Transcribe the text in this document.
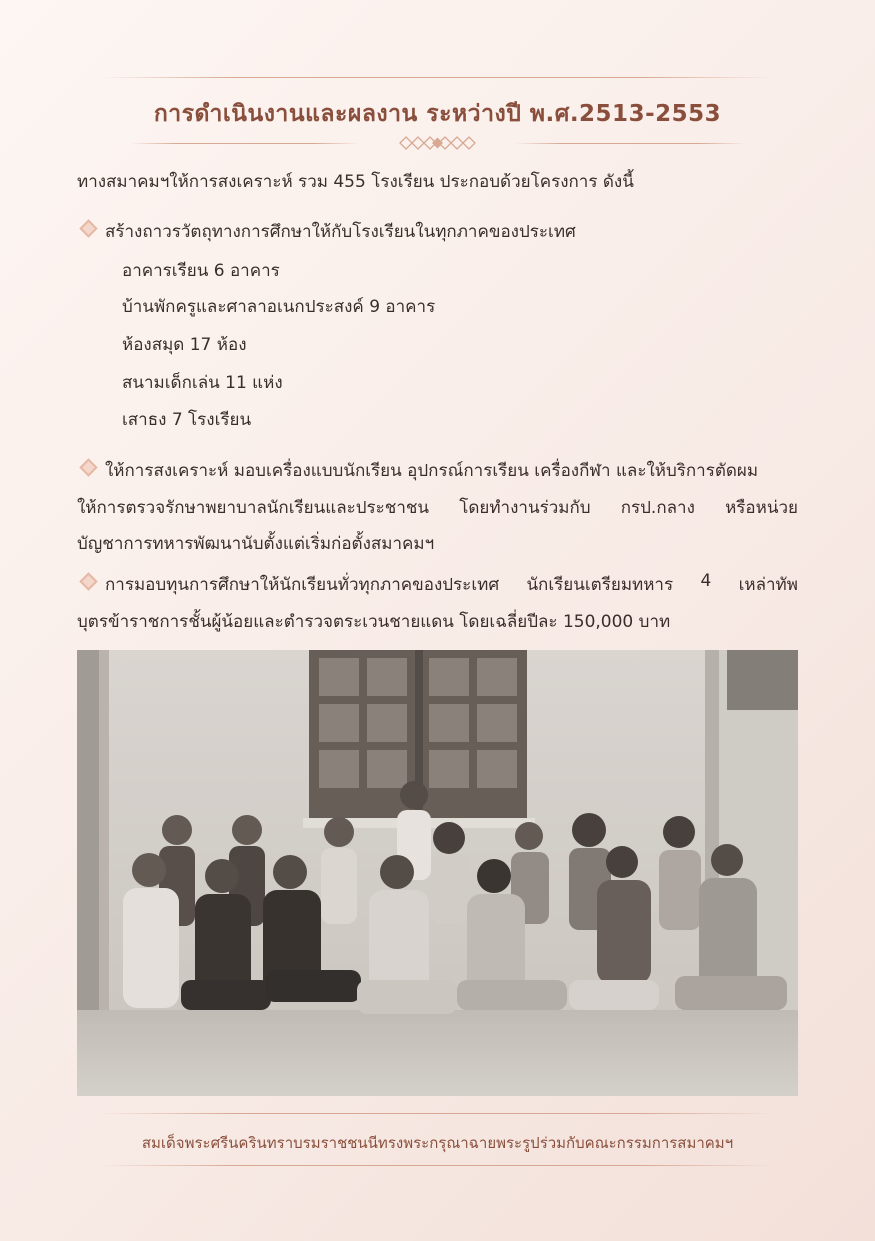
การดำเนินงานและผลงาน ระหว่างปี พ.ศ.2513-2553
ทางสมาคมฯให้การสงเคราะห์ รวม 455 โรงเรียน ประกอบด้วยโครงการ ดังนี้
สร้างถาวรวัตถุทางการศึกษาให้กับโรงเรียนในทุกภาคของประเทศ
อาคารเรียน 6 อาคาร
บ้านพักครูและศาลาอเนกประสงค์ 9 อาคาร
ห้องสมุด 17 ห้อง
สนามเด็กเล่น 11 แห่ง
เสาธง 7 โรงเรียน
ให้การสงเคราะห์ มอบเครื่องแบบนักเรียน อุปกรณ์การเรียน เครื่องกีฬา และให้บริการตัดผม
ให้การตรวจรักษาพยาบาลนักเรียนและประชาชน โดยทำงานร่วมกับ กรป.กลาง หรือหน่วย
บัญชาการทหารพัฒนานับตั้งแต่เริ่มก่อตั้งสมาคมฯ
การมอบทุนการศึกษาให้นักเรียนทั่วทุกภาคของประเทศ นักเรียนเตรียมทหาร 4 เหล่าทัพ
บุตรข้าราชการชั้นผู้น้อยและตำรวจตระเวนชายแดน โดยเฉลี่ยปีละ 150,000 บาท
สมเด็จพระศรีนครินทราบรมราชชนนีทรงพระกรุณาฉายพระรูปร่วมกับคณะกรรมการสมาคมฯ
